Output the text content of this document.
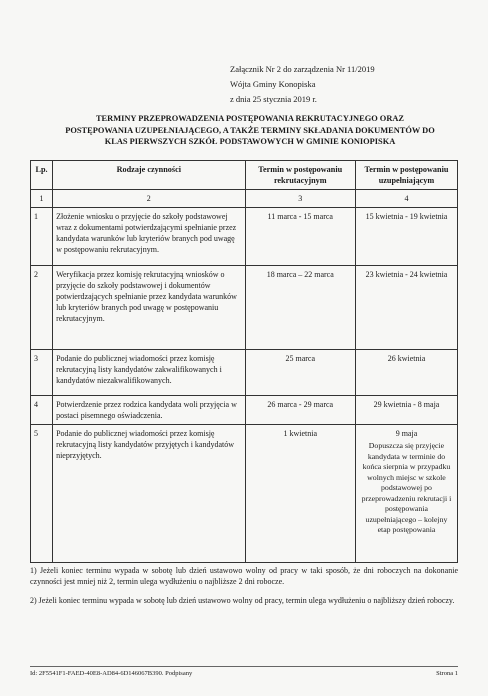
Załącznik Nr 2 do zarządzenia Nr 11/2019
Wójta Gminy Konopiska
z dnia 25 stycznia 2019 r.
TERMINY PRZEPROWADZENIA POSTĘPOWANIA REKRUTACYJNEGO ORAZ
POSTĘPOWANIA UZUPEŁNIAJĄCEGO, A TAKŻE TERMINY SKŁADANIA DOKUMENTÓW DO
KLAS PIERWSZYCH SZKÓŁ PODSTAWOWYCH W GMINIE KONIOPISKA
Lp.	Rodzaje czynności	Termin w postępowaniu rekrutacyjnym	Termin w postępowaniu uzupełniającym
1	2	3	4
1	Złożenie wniosku o przyjęcie do szkoły podstawowej wraz z dokumentami potwierdzającymi spełnianie przez kandydata warunków lub kryteriów branych pod uwagę w postępowaniu rekrutacyjnym.	11 marca - 15 marca	15 kwietnia - 19 kwietnia
2	Weryfikacja przez komisję rekrutacyjną wniosków o przyjęcie do szkoły podstawowej i dokumentów potwierdzających spełnianie przez kandydata warunków lub kryteriów branych pod uwagę w postępowaniu rekrutacyjnym.	18 marca – 22 marca	23 kwietnia - 24 kwietnia
3	Podanie do publicznej wiadomości przez komisję rekrutacyjną listy kandydatów zakwalifikowanych i kandydatów niezakwalifikowanych.	25 marca	26 kwietnia
4	Potwierdzenie przez rodzica kandydata woli przyjęcia w postaci pisemnego oświadczenia.	26 marca - 29 marca	29 kwietnia - 8 maja
5	Podanie do publicznej wiadomości przez komisję rekrutacyjną listy kandydatów przyjętych i kandydatów nieprzyjętych.	1 kwietnia	9 maja
Dopuszcza się przyjęcie kandydata w terminie do końca sierpnia w przypadku wolnych miejsc w szkole podstawowej po przeprowadzeniu rekrutacji i postępowania uzupełniającego – kolejny etap postępowania

1) Jeżeli koniec terminu wypada w sobotę lub dzień ustawowo wolny od pracy w taki sposób, że dni roboczych na dokonanie czynności jest mniej niż 2, termin ulega wydłużeniu o najbliższe 2 dni robocze.

2) Jeżeli koniec terminu wypada w sobotę lub dzień ustawowo wolny od pracy, termin ulega wydłużeniu o najbliższy dzień roboczy.

Id: 2F5541F1-FAED-40E8-AD84-6D146067B390. Podpisany	Strona 1
